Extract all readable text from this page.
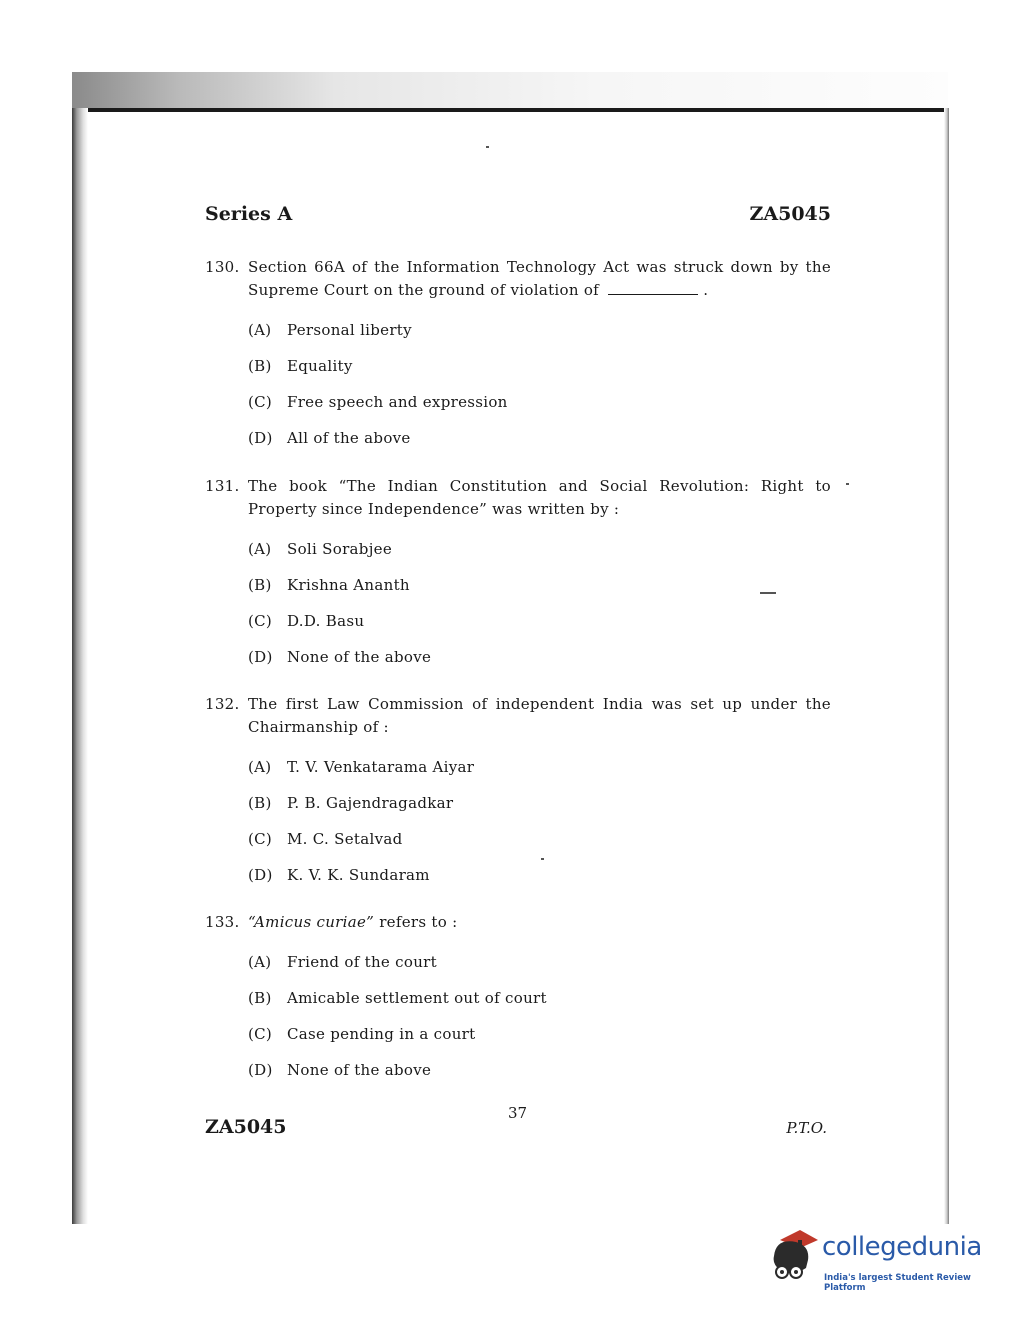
Series A	ZA5045
130. Section 66A of the Information Technology Act was struck down by the Supreme Court on the ground of violation of	.
(A)	Personal liberty
(B)	Equality
(C) Free speech and expression
(D) All of the above
131. The book “The Indian Constitution and Social Revolution: Right to Property since Independence” was written by :
(A)	Soli Sorabjee
(B)	Krishna Ananth
(C) D.D. Basu
(D) None of the above
132. The first Law Commission of independent India was set up under the Chairmanship of :
(A)	T. V. Venkatarama Aiyar
(B)	P. B. Gajendragadkar
(C) M. C. Setalvad
(D) K. V. K. Sundaram
133. “Amicus curiae” refers to :
(A)	Friend of the court
(B)	Amicable settlement out of court
(C) Case pending in a court
(D) None of the above
ZA5045
37
P.T.O.
collegedunia
India's largest Student Review Platform
